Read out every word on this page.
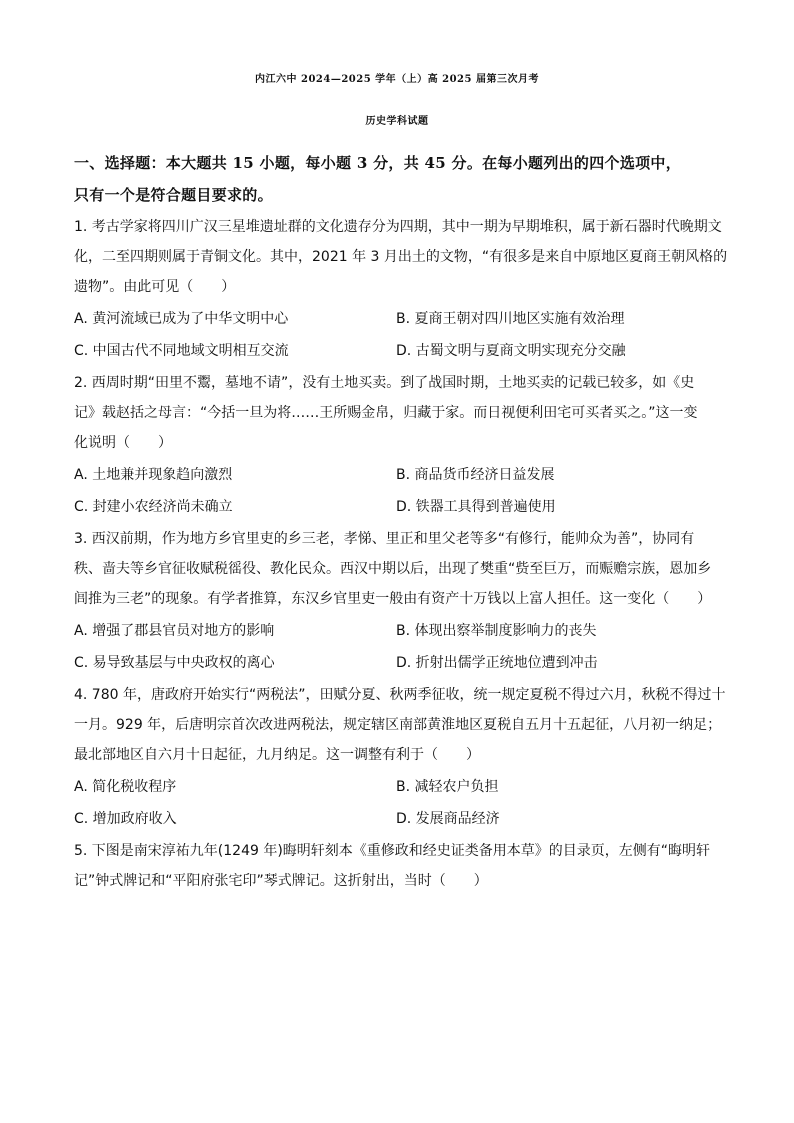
内江六中 2024—2025 学年（上）高 2025 届第三次月考
历史学科试题
一、选择题：本大题共 15 小题，每小题 3 分，共 45 分。在每小题列出的四个选项中，
只有一个是符合题目要求的。
1. 考古学家将四川广汉三星堆遗址群的文化遗存分为四期，其中一期为早期堆积，属于新石器时代晚期文
化，二至四期则属于青铜文化。其中，2021 年 3 月出土的文物，“有很多是来自中原地区夏商王朝风格的
遗物”。由此可见（　　）
A. 黄河流域已成为了中华文明中心	B. 夏商王朝对四川地区实施有效治理
C. 中国古代不同地域文明相互交流	D. 古蜀文明与夏商文明实现充分交融
2. 西周时期“田里不鬻，墓地不请”，没有土地买卖。到了战国时期，土地买卖的记载已较多，如《史
记》载赵括之母言：“今括一旦为将……王所赐金帛，归藏于家。而日视便利田宅可买者买之。”这一变
化说明（　　）
A. 土地兼并现象趋向激烈	B. 商品货币经济日益发展
C. 封建小农经济尚未确立	D. 铁器工具得到普遍使用
3. 西汉前期，作为地方乡官里吏的乡三老，孝悌、里正和里父老等多“有修行，能帅众为善”，协同有
秩、啬夫等乡官征收赋税徭役、教化民众。西汉中期以后，出现了樊重“赀至巨万，而赈赡宗族，恩加乡
闾推为三老”的现象。有学者推算，东汉乡官里吏一般由有资产十万钱以上富人担任。这一变化（　　）
A. 增强了郡县官员对地方的影响	B. 体现出察举制度影响力的丧失
C. 易导致基层与中央政权的离心	D. 折射出儒学正统地位遭到冲击
4. 780 年，唐政府开始实行“两税法”，田赋分夏、秋两季征收，统一规定夏税不得过六月，秋税不得过十
一月。929 年，后唐明宗首次改进两税法，规定辖区南部黄淮地区夏税自五月十五起征，八月初一纳足；
最北部地区自六月十日起征，九月纳足。这一调整有利于（　　）
A. 简化税收程序	B. 减轻农户负担
C. 增加政府收入	D. 发展商品经济
5. 下图是南宋淳祐九年(1249 年)晦明轩刻本《重修政和经史证类备用本草》的目录页，左侧有“晦明轩
记”钟式牌记和“平阳府张宅印”琴式牌记。这折射出，当时（　　）
